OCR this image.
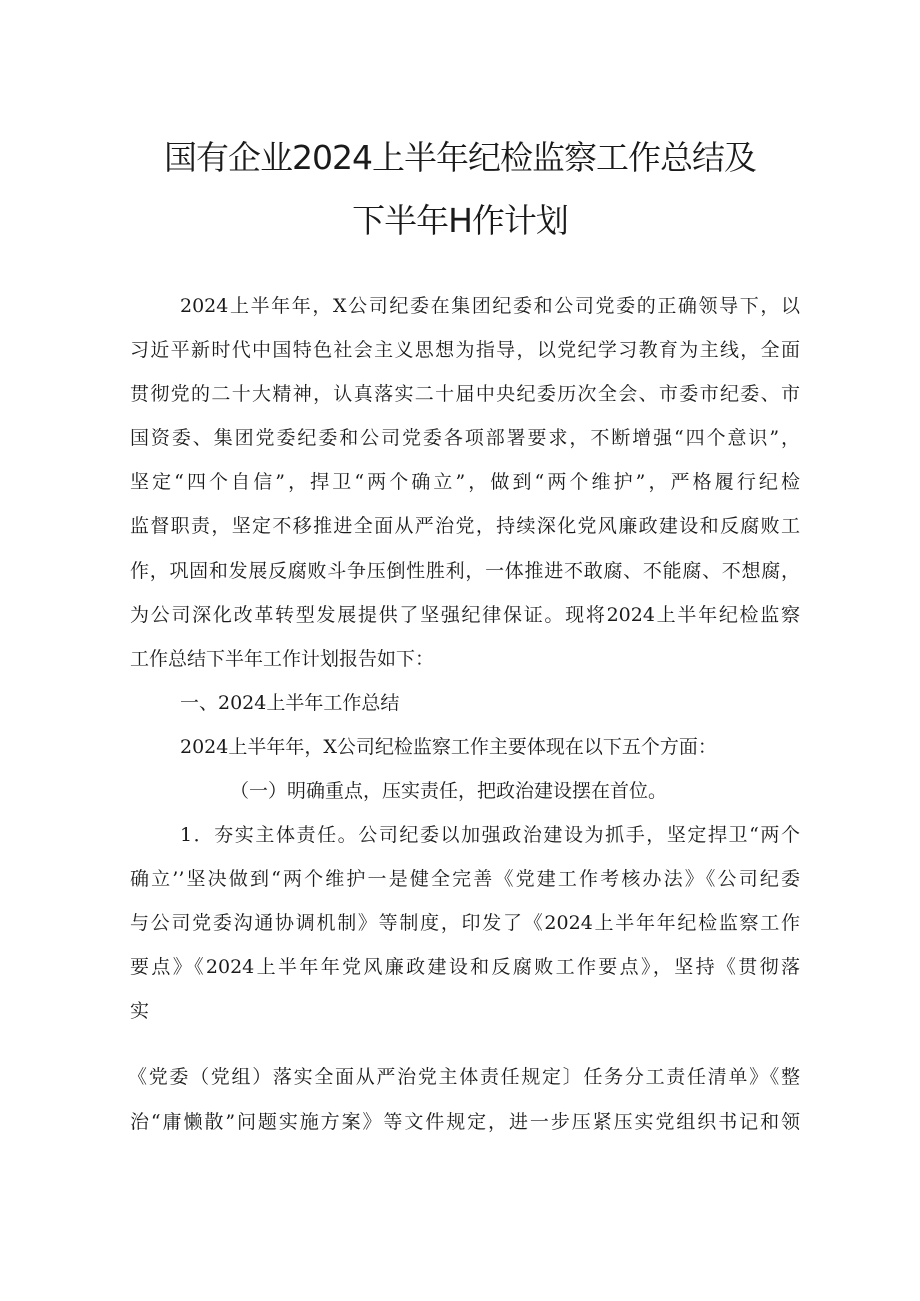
国有企业2024上半年纪检监察工作总结及
下半年H作计划

2024上半年年，X公司纪委在集团纪委和公司党委的正确领导下，以

习近平新时代中国特色社会主义思想为指导，以党纪学习教育为主线，全面

贯彻党的二十大精神，认真落实二十届中央纪委历次全会、市委市纪委、市

国资委、集团党委纪委和公司党委各项部署要求，不断增强“四个意识”，

坚定“四个自信”，捍卫“两个确立”，做到“两个维护”，严格履行纪检

监督职责，坚定不移推进全面从严治党，持续深化党风廉政建设和反腐败工

作，巩固和发展反腐败斗争压倒性胜利，一体推进不敢腐、不能腐、不想腐，

为公司深化改革转型发展提供了坚强纪律保证。现将2024上半年纪检监察

工作总结下半年工作计划报告如下：

一、2024上半年工作总结

2024上半年年，X公司纪检监察工作主要体现在以下五个方面：

（一）明确重点，压实责任，把政治建设摆在首位。

1．夯实主体责任。公司纪委以加强政治建设为抓手，坚定捍卫“两个

确立’’坚决做到“两个维护一是健全完善《党建工作考核办法》《公司纪委

与公司党委沟通协调机制》等制度，印发了《2024上半年年纪检监察工作

要点》《2024上半年年党风廉政建设和反腐败工作要点》，坚持《贯彻落

实

《党委（党组）落实全面从严治党主体责任规定〕任务分工责任清单》《整

治“庸懒散”问题实施方案》等文件规定，进一步压紧压实党组织书记和领
